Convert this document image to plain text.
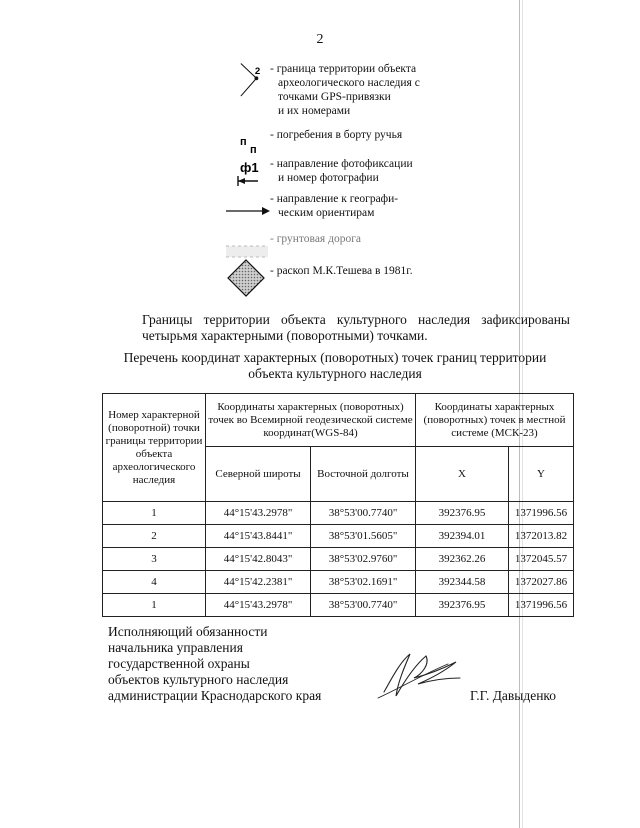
2
2 - граница территории объекта
археологического наследия с
точками GPS-привязки
и их номерами
п
п
- погребения в борту ручья
ф1 - направление фотофиксации
и номер фотографии
- направление к географи-
ческим ориентирам
- грунтовая дорога
- раскоп М.К.Тешева в 1981г.
Границы территории объекта культурного наследия зафиксированы четырьмя характерными (поворотными) точками.
Перечень координат характерных (поворотных) точек границ территории
объекта культурного наследия
Номер характерной (поворотной) точки границы территории объекта археологического наследия	Координаты характерных (поворотных) точек во Всемирной геодезической системе координат(WGS-84)		Координаты характерных (поворотных) точек в местной системе (МСК-23)	
	Северной широты	Восточной долготы	X	Y
1	44°15'43.2978"	38°53'00.7740"	392376.95	1371996.56
2	44°15'43.8441"	38°53'01.5605"	392394.01	1372013.82
3	44°15'42.8043"	38°53'02.9760"	392362.26	1372045.57
4	44°15'42.2381"	38°53'02.1691"	392344.58	1372027.86
1	44°15'43.2978"	38°53'00.7740"	392376.95	1371996.56
Исполняющий обязанности
начальника управления
государственной охраны
объектов культурного наследия
администрации Краснодарского края	Г.Г. Давыденко
